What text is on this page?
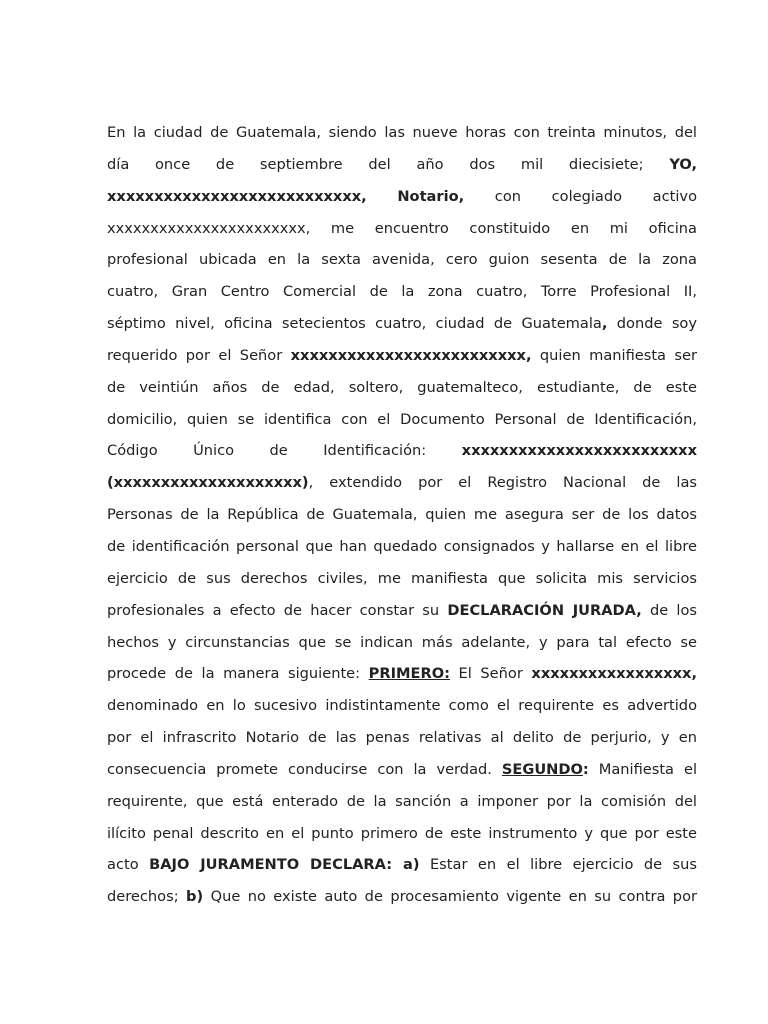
En la ciudad de Guatemala, siendo las nueve horas con treinta minutos, del
día once de septiembre del año dos mil diecisiete; YO,
xxxxxxxxxxxxxxxxxxxxxxxxxxx, Notario, con colegiado activo
xxxxxxxxxxxxxxxxxxxxxxx, me encuentro constituido en mi oficina
profesional ubicada en la sexta avenida, cero guion sesenta de la zona
cuatro, Gran Centro Comercial de la zona cuatro, Torre Profesional II,
séptimo nivel, oficina setecientos cuatro, ciudad de Guatemala, donde soy
requerido por el Señor xxxxxxxxxxxxxxxxxxxxxxxxx, quien manifiesta ser
de veintiún años de edad, soltero, guatemalteco, estudiante, de este
domicilio, quien se identifica con el Documento Personal de Identificación,
Código Único de Identificación: xxxxxxxxxxxxxxxxxxxxxxxxx
(xxxxxxxxxxxxxxxxxxxx), extendido por el Registro Nacional de las
Personas de la República de Guatemala, quien me asegura ser de los datos
de identificación personal que han quedado consignados y hallarse en el libre
ejercicio de sus derechos civiles, me manifiesta que solicita mis servicios
profesionales a efecto de hacer constar su DECLARACIÓN JURADA, de los
hechos y circunstancias que se indican más adelante, y para tal efecto se
procede de la manera siguiente: PRIMERO: El Señor xxxxxxxxxxxxxxxxx,
denominado en lo sucesivo indistintamente como el requirente es advertido
por el infrascrito Notario de las penas relativas al delito de perjurio, y en
consecuencia promete conducirse con la verdad. SEGUNDO: Manifiesta el
requirente, que está enterado de la sanción a imponer por la comisión del
ilícito penal descrito en el punto primero de este instrumento y que por este
acto BAJO JURAMENTO DECLARA: a) Estar en el libre ejercicio de sus
derechos; b) Que no existe auto de procesamiento vigente en su contra por
